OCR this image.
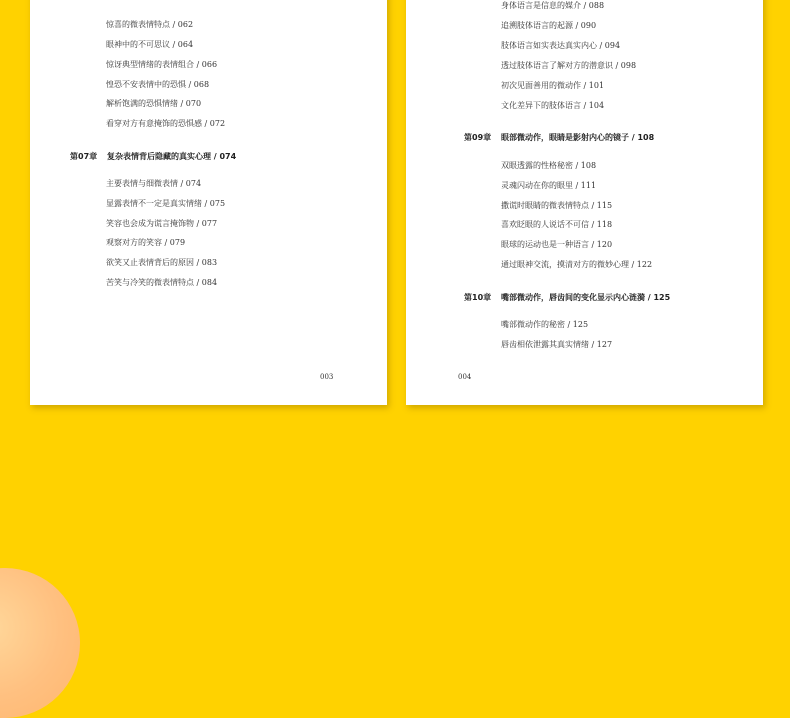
惊喜的微表情特点 / 062
眼神中的不可思议 / 064
惊讶典型情绪的表情组合 / 066
惶恐不安表情中的恐惧 / 068
解析饱满的恐惧情绪 / 070
看穿对方有意掩饰的恐惧感 / 072
第07章 复杂表情背后隐藏的真实心理 / 074
主要表情与细微表情 / 074
显露表情不一定是真实情绪 / 075
笑容也会成为谎言掩饰物 / 077
观察对方的笑容 / 079
欲笑又止表情背后的原因 / 083
苦笑与冷笑的微表情特点 / 084
003
身体语言是信息的媒介 / 088
追溯肢体语言的起源 / 090
肢体语言如实表达真实内心 / 094
透过肢体语言了解对方的潜意识 / 098
初次见面善用的微动作 / 101
文化差异下的肢体语言 / 104
第09章 眼部微动作，眼睛是影射内心的镜子 / 108
双眼透露的性格秘密 / 108
灵魂闪动在你的眼里 / 111
撒谎时眼睛的微表情特点 / 115
喜欢眨眼的人说话不可信 / 118
眼球的运动也是一种语言 / 120
通过眼神交流，摸清对方的微妙心理 / 122
第10章 嘴部微动作，唇齿间的变化显示内心涟漪 / 125
嘴部微动作的秘密 / 125
唇齿相依泄露其真实情绪 / 127
004
